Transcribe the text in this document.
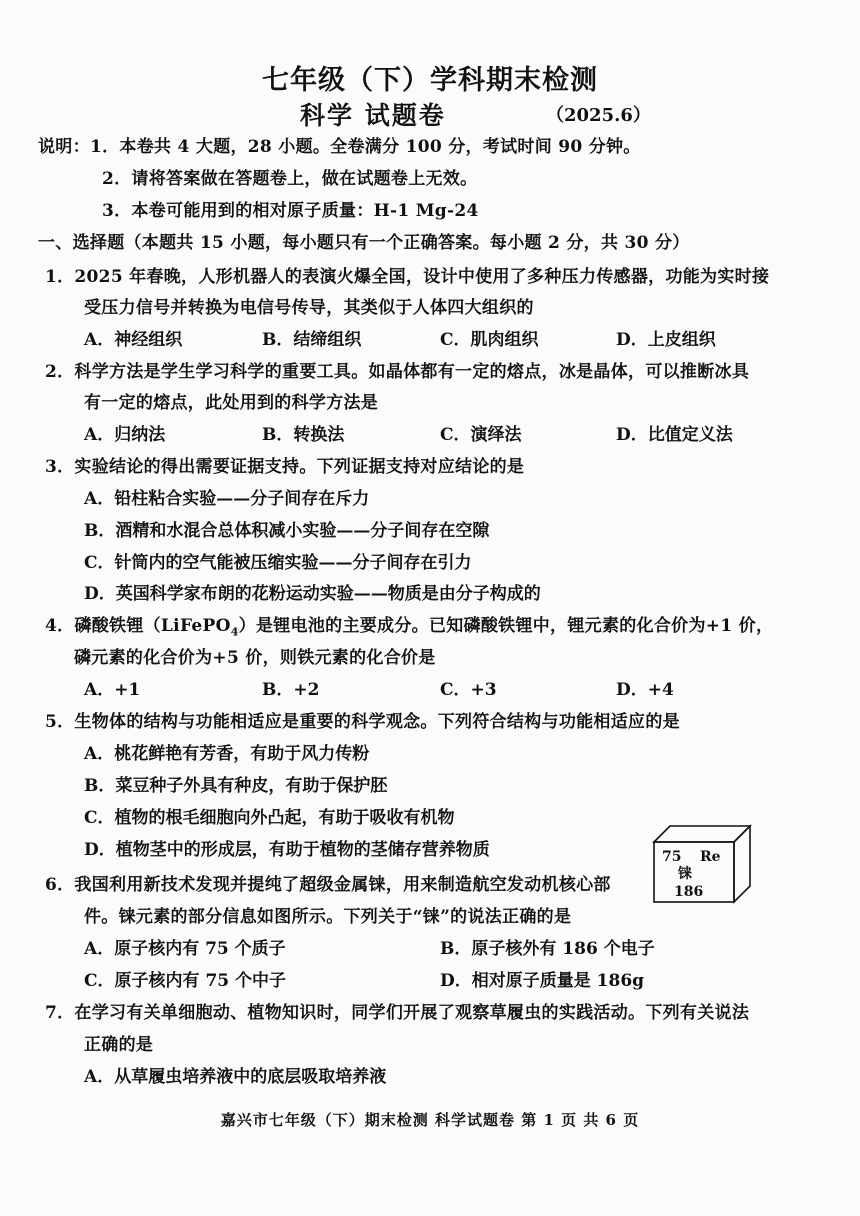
七年级（下）学科期末检测
科学 试题卷	（2025.6）
说明： 1．本卷共 4 大题，28 小题。全卷满分 100 分，考试时间 90 分钟。
2．请将答案做在答题卷上，做在试题卷上无效。
3．本卷可能用到的相对原子质量：H-1 Mg-24
一、选择题（本题共 15 小题，每小题只有一个正确答案。每小题 2 分，共 30 分）
1．2025 年春晚，人形机器人的表演火爆全国，设计中使用了多种压力传感器，功能为实时接
受压力信号并转换为电信号传导，其类似于人体四大组织的
A．神经组织	B．结缔组织	C．肌肉组织	D．上皮组织
2．科学方法是学生学习科学的重要工具。如晶体都有一定的熔点，冰是晶体，可以推断冰具
有一定的熔点，此处用到的科学方法是
A．归纳法	B．转换法	C．演绎法	D．比值定义法
3．实验结论的得出需要证据支持。下列证据支持对应结论的是
A．铅柱粘合实验——分子间存在斥力
B．酒精和水混合总体积减小实验——分子间存在空隙
C．针筒内的空气能被压缩实验——分子间存在引力
D．英国科学家布朗的花粉运动实验——物质是由分子构成的
4．磷酸铁锂（LiFePO$_4$）是锂电池的主要成分。已知磷酸铁锂中，锂元素的化合价为+1 价，
磷元素的化合价为+5 价，则铁元素的化合价是
A．+1	B．+2	C．+3	D．+4
5．生物体的结构与功能相适应是重要的科学观念。下列符合结构与功能相适应的是
A．桃花鲜艳有芳香，有助于风力传粉
B．菜豆种子外具有种皮，有助于保护胚
C．植物的根毛细胞向外凸起，有助于吸收有机物
D．植物茎中的形成层，有助于植物的茎储存营养物质	75 Re
铼
186
6．我国利用新技术发现并提纯了超级金属铼，用来制造航空发动机核心部
件。铼元素的部分信息如图所示。下列关于“铼”的说法正确的是
A．原子核内有 75 个质子	B．原子核外有 186 个电子
C．原子核内有 75 个中子	D．相对原子质量是 186g
7．在学习有关单细胞动、植物知识时，同学们开展了观察草履虫的实践活动。下列有关说法
正确的是
A．从草履虫培养液中的底层吸取培养液
嘉兴市七年级（下）期末检测 科学试题卷 第 1 页 共 6 页
